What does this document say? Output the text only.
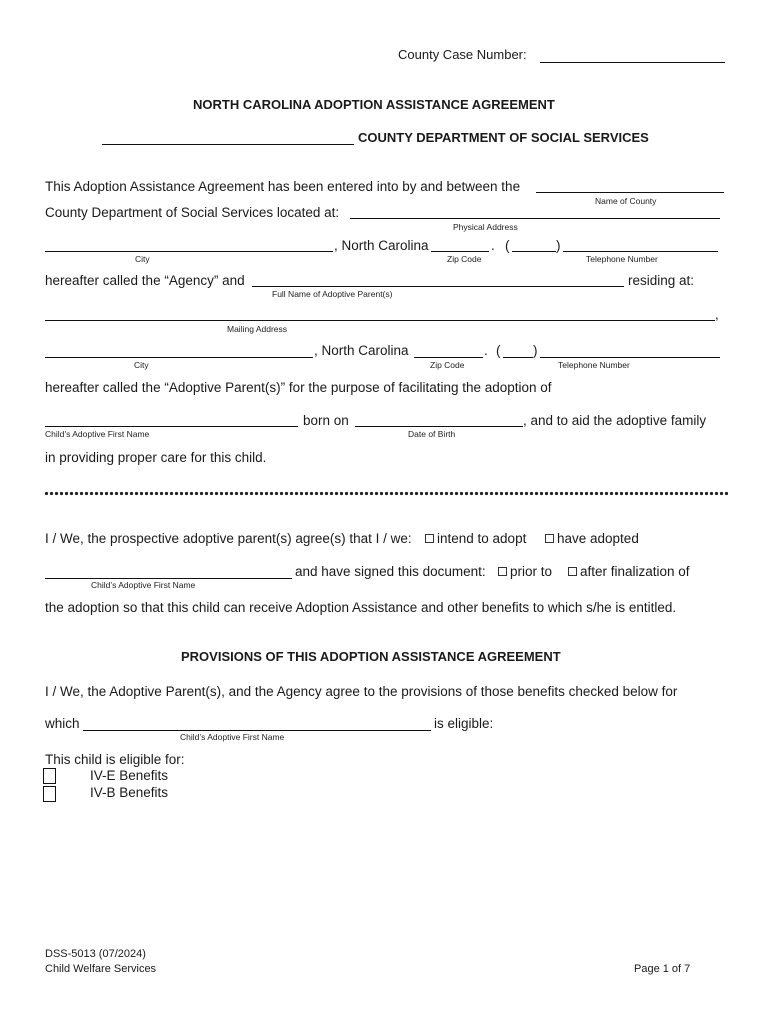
County Case Number:
NORTH CAROLINA ADOPTION ASSISTANCE AGREEMENT
COUNTY DEPARTMENT OF SOCIAL SERVICES
This Adoption Assistance Agreement has been entered into by and between the
Name of County
County Department of Social Services located at:
Physical Address
, North Carolina	. (	)
City	Zip Code	Telephone Number
hereafter called the “Agency” and	residing at:
Full Name of Adoptive Parent(s)
,
Mailing Address
, North Carolina	. ( )
City	Zip Code	Telephone Number
hereafter called the “Adoptive Parent(s)” for the purpose of facilitating the adoption of
born on	, and to aid the adoptive family
Child’s Adoptive First Name	Date of Birth
in providing proper care for this child.
I / We, the prospective adoptive parent(s) agree(s) that I / we:	intend to adopt	have adopted
and have signed this document:	prior to	after finalization of
Child’s Adoptive First Name
the adoption so that this child can receive Adoption Assistance and other benefits to which s/he is entitled.
PROVISIONS OF THIS ADOPTION ASSISTANCE AGREEMENT
I / We, the Adoptive Parent(s), and the Agency agree to the provisions of those benefits checked below for
which	is eligible:
Child’s Adoptive First Name
This child is eligible for:
IV-E Benefits
IV-B Benefits
DSS-5013 (07/2024)
Child Welfare Services	Page 1 of 7
